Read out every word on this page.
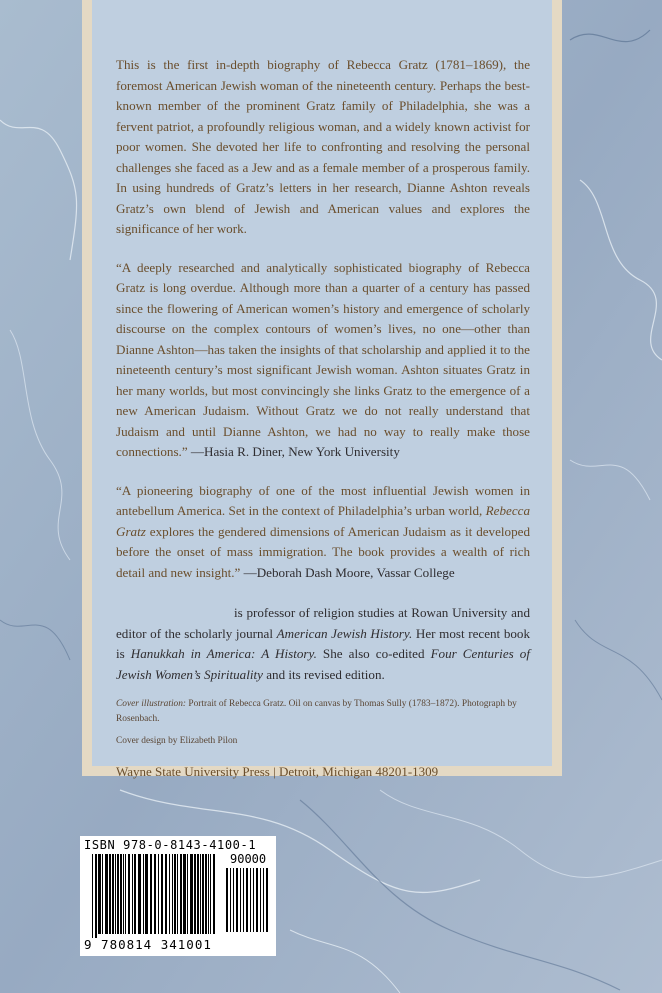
This is the first in-depth biography of Rebecca Gratz (1781–1869), the foremost American Jewish woman of the nineteenth century. Perhaps the best-known member of the prominent Gratz family of Philadelphia, she was a fervent patriot, a profoundly religious woman, and a widely known activist for poor women. She devoted her life to confronting and resolving the personal challenges she faced as a Jew and as a female member of a prosperous family. In using hundreds of Gratz’s letters in her research, Dianne Ashton reveals Gratz’s own blend of Jewish and American values and explores the significance of her work.

“A deeply researched and analytically sophisticated biography of Rebecca Gratz is long overdue. Although more than a quarter of a century has passed since the flowering of American women’s history and emergence of scholarly discourse on the complex contours of women’s lives, no one—other than Dianne Ashton—has taken the insights of that scholarship and applied it to the nineteenth century’s most significant Jewish woman. Ashton situates Gratz in her many worlds, but most convincingly she links Gratz to the emergence of a new American Judaism. Without Gratz we do not really understand that Judaism and until Dianne Ashton, we had no way to really make those connections.” —Hasia R. Diner, New York University

“A pioneering biography of one of the most influential Jewish women in antebellum America. Set in the context of Philadelphia’s urban world, Rebecca Gratz explores the gendered dimensions of American Judaism as it developed before the onset of mass immigration. The book provides a wealth of rich detail and new insight.” —Deborah Dash Moore, Vassar College

is professor of religion studies at Rowan University and editor of the scholarly journal American Jewish History. Her most recent book is Hanukkah in America: A History. She also co-edited Four Centuries of Jewish Women’s Spirituality and its revised edition.

Cover illustration: Portrait of Rebecca Gratz. Oil on canvas by Thomas Sully (1783–1872). Photograph by Rosenbach.

Cover design by Elizabeth Pilon

Wayne State University Press | Detroit, Michigan 48201-1309

ISBN 978-0-8143-4100-1
90000
9 780814 341001
